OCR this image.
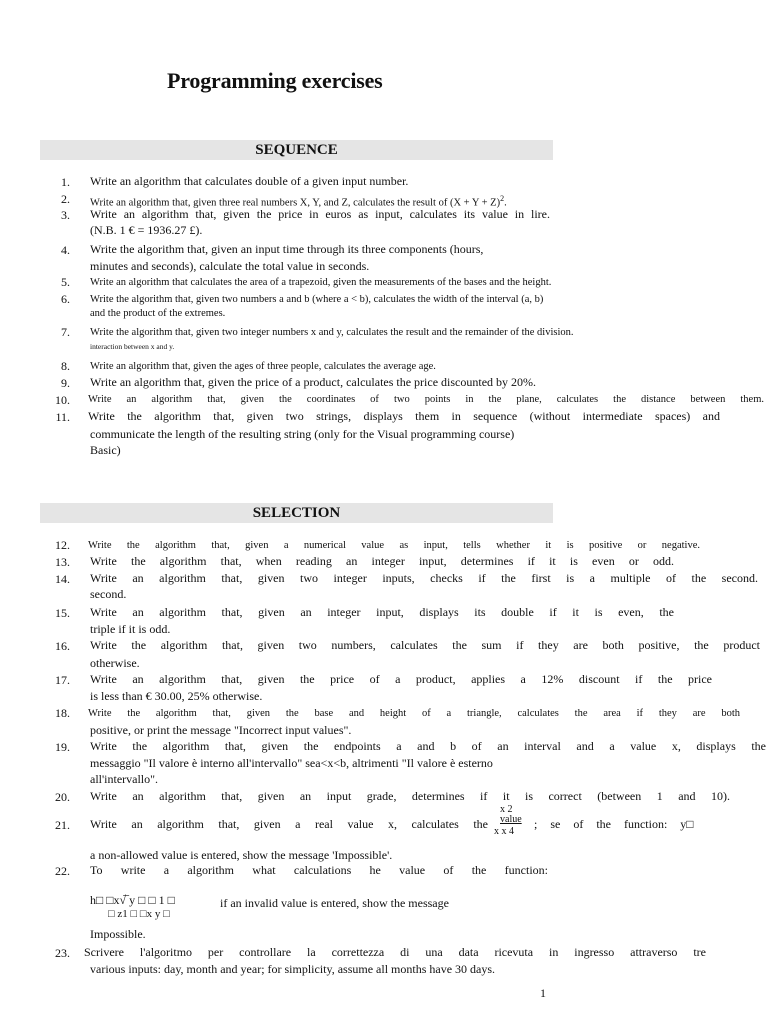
Programming exercises
SEQUENCE
1. Write an algorithm that calculates double of a given input number.
2. Write an algorithm that, given three real numbers X, Y, and Z, calculates the result of $(X + Y + Z)^2$.
3. Write an algorithm that, given the price in euros as input, calculates its value in lire.
(N.B. 1 € = 1936.27 £).
4. Write the algorithm that, given an input time through its three components (hours,
minutes and seconds), calculate the total value in seconds.
5. Write an algorithm that calculates the area of a trapezoid, given the measurements of the bases and the height.
6. Write the algorithm that, given two numbers a and b (where a < b), calculates the width of the interval (a, b)
and the product of the extremes.
7. Write the algorithm that, given two integer numbers x and y, calculates the result and the remainder of the division.
interaction between x and y.
8. Write an algorithm that, given the ages of three people, calculates the average age.
9. Write an algorithm that, given the price of a product, calculates the price discounted by 20%.
10. Write an algorithm that, given the coordinates of two points in the plane, calculates the distance between them.
11. Write the algorithm that, given two strings, displays them in sequence (without intermediate spaces) and
communicate the length of the resulting string (only for the Visual programming course)
Basic)
SELECTION
12. Write the algorithm that, given a numerical value as input, tells whether it is positive or negative.
13. Write the algorithm that, when reading an integer input, determines if it is even or odd.
14. Write an algorithm that, given two integer inputs, checks if the first is a multiple of the second.
second.
15. Write an algorithm that, given an integer input, displays its double if it is even, the
triple if it is odd.
16. Write the algorithm that, given two numbers, calculates the sum if they are both positive, the product
otherwise.
17. Write an algorithm that, given the price of a product, applies a 12% discount if the price
is less than € 30.00, 25% otherwise.
18. Write the algorithm that, given the base and height of a triangle, calculates the area if they are both
positive, or print the message "Incorrect input values".
19. Write the algorithm that, given the endpoints a and b of an interval and a value x, displays the
messaggio "Il valore è interno all'intervallo" sea<x<b, altrimenti "Il valore è esterno
all'intervallo".
20. Write an algorithm that, given an input grade, determines if it is correct (between 1 and 10).
21. Write an algorithm that, given a real value x, calculates the
x 2
value
x x 4
; se of the function: y□
a non-allowed value is entered, show the message 'Impossible'.
22. To write a algorithm what calculations he value of the function:
h□ □x√̅ y □ □ 1 □
□ z1 □ □x y □
if an invalid value is entered, show the message
Impossible.
23. Scrivere l'algoritmo per controllare la correttezza di una data ricevuta in ingresso attraverso tre
various inputs: day, month and year; for simplicity, assume all months have 30 days.
1
